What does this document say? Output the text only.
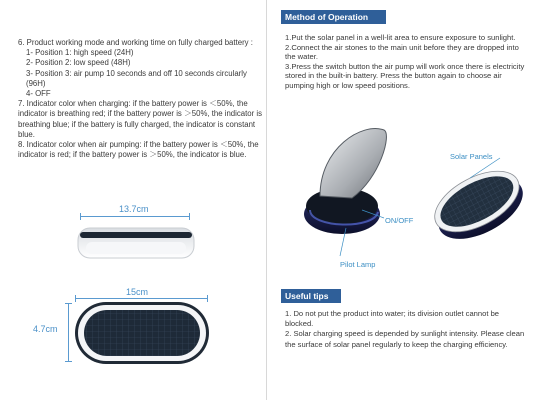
6. Product working mode and working time on fully charged battery :
1- Position 1: high speed (24H)
2- Position 2: low speed (48H)
3- Position 3: air pump 10 seconds and off 10 seconds circularly (96H)
4- OFF
7. Indicator color when charging: if the battery power is ＜50%, the indicator is breathing red; if the battery power is ＞50%, the indicator is breathing blue; if the battery is fully charged, the indicator is constant blue.
8. Indicator color when air pumping: if the battery power is ＜50%, the indicator is red; if the battery power is ＞50%, the indicator is blue.
13.7cm
15cm
4.7cm
Method of Operation
1.Put the solar panel in a well-lit area to ensure exposure to sunlight.
2.Connect the air stones to the main unit before they are dropped into the water.
3.Press the switch button the air pump will work once there is electricity stored in the built-in battery. Press the button again to choose air pumping high or low speed positions.
Solar Panels
ON/OFF
Pilot Lamp
Useful tips
1. Do not put the product into water; its division outlet cannot be blocked.
2. Solar charging speed is depended by sunlight intensity. Please clean the surface of solar panel regularly to keep the charging efficiency.
